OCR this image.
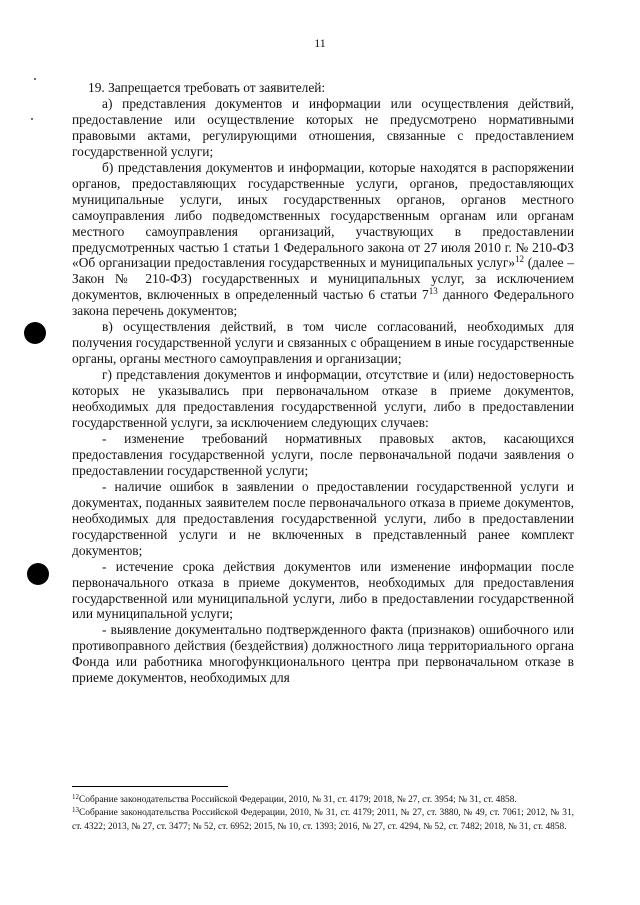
11

19. Запрещается требовать от заявителей:

а) представления документов и информации или осуществления действий, предоставление или осуществление которых не предусмотрено нормативными правовыми актами, регулирующими отношения, связанные с предоставлением государственной услуги;

б) представления документов и информации, которые находятся в распоряжении органов, предоставляющих государственные услуги, органов, предоставляющих муниципальные услуги, иных государственных органов, органов местного самоуправления либо подведомственных государственным органам или органам местного самоуправления организаций, участвующих в предоставлении предусмотренных частью 1 статьи 1 Федерального закона от 27 июля 2010 г. № 210-ФЗ «Об организации предоставления государственных и муниципальных услуг»$^{12}$ (далее – Закон № 210-ФЗ) государственных и муниципальных услуг, за исключением документов, включенных в определенный частью 6 статьи $7^{13}$ данного Федерального закона перечень документов;

в) осуществления действий, в том числе согласований, необходимых для получения государственной услуги и связанных с обращением в иные государственные органы, органы местного самоуправления и организации;

г) представления документов и информации, отсутствие и (или) недостоверность которых не указывались при первоначальном отказе в приеме документов, необходимых для предоставления государственной услуги, либо в предоставлении государственной услуги, за исключением следующих случаев:

- изменение требований нормативных правовых актов, касающихся предоставления государственной услуги, после первоначальной подачи заявления о предоставлении государственной услуги;

- наличие ошибок в заявлении о предоставлении государственной услуги и документах, поданных заявителем после первоначального отказа в приеме документов, необходимых для предоставления государственной услуги, либо в предоставлении государственной услуги и не включенных в представленный ранее комплект документов;

- истечение срока действия документов или изменение информации после первоначального отказа в приеме документов, необходимых для предоставления государственной или муниципальной услуги, либо в предоставлении государственной или муниципальной услуги;

- выявление документально подтвержденного факта (признаков) ошибочного или противоправного действия (бездействия) должностного лица территориального органа Фонда или работника многофункционального центра при первоначальном отказе в приеме документов, необходимых для

$^{12}$Собрание законодательства Российской Федерации, 2010, № 31, ст. 4179; 2018, № 27, ст. 3954; № 31, ст. 4858.

$^{13}$Собрание законодательства Российской Федерации, 2010, № 31, ст. 4179; 2011, № 27, ст. 3880, № 49, ст. 7061; 2012, № 31, ст. 4322; 2013, № 27, ст. 3477; № 52, ст. 6952; 2015, № 10, ст. 1393; 2016, № 27, ст. 4294, № 52, ст. 7482; 2018, № 31, ст. 4858.
